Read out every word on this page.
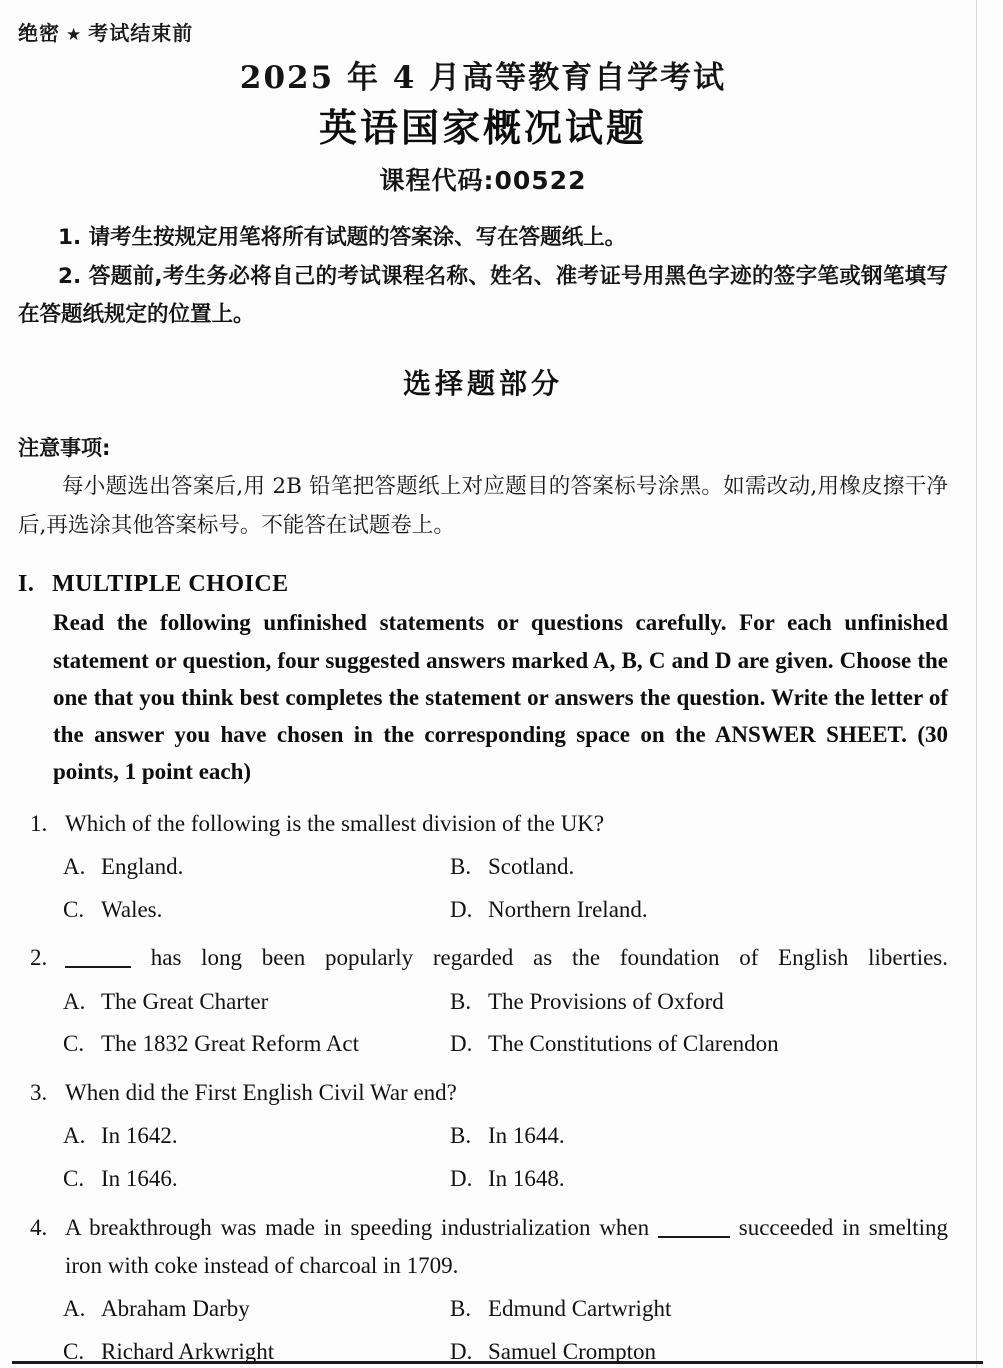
绝密 ★ 考试结束前
2025 年 4 月高等教育自学考试
英语国家概况试题
课程代码:00522
1. 请考生按规定用笔将所有试题的答案涂、写在答题纸上。
2. 答题前,考生务必将自己的考试课程名称、姓名、准考证号用黑色字迹的签字笔或钢笔填写在答题纸规定的位置上。
选择题部分
注意事项:
每小题选出答案后,用 2B 铅笔把答题纸上对应题目的答案标号涂黑。如需改动,用橡皮擦干净后,再选涂其他答案标号。不能答在试题卷上。
I. MULTIPLE CHOICE
Read the following unfinished statements or questions carefully. For each unfinished statement or question, four suggested answers marked A, B, C and D are given. Choose the one that you think best completes the statement or answers the question. Write the letter of the answer you have chosen in the corresponding space on the ANSWER SHEET. (30 points, 1 point each)
1. Which of the following is the smallest division of the UK?
A. England.	B. Scotland.
C. Wales.	D. Northern Ireland.
2.	has long been popularly regarded as the foundation of English liberties.
A. The Great Charter	B. The Provisions of Oxford
C. The 1832 Great Reform Act	D. The Constitutions of Clarendon
3. When did the First English Civil War end?
A. In 1642.	B. In 1644.
C. In 1646.	D. In 1648.
4. A breakthrough was made in speeding industrialization when	succeeded in smelting iron with coke instead of charcoal in 1709.
A. Abraham Darby	B. Edmund Cartwright
C. Richard Arkwright	D. Samuel Crompton
